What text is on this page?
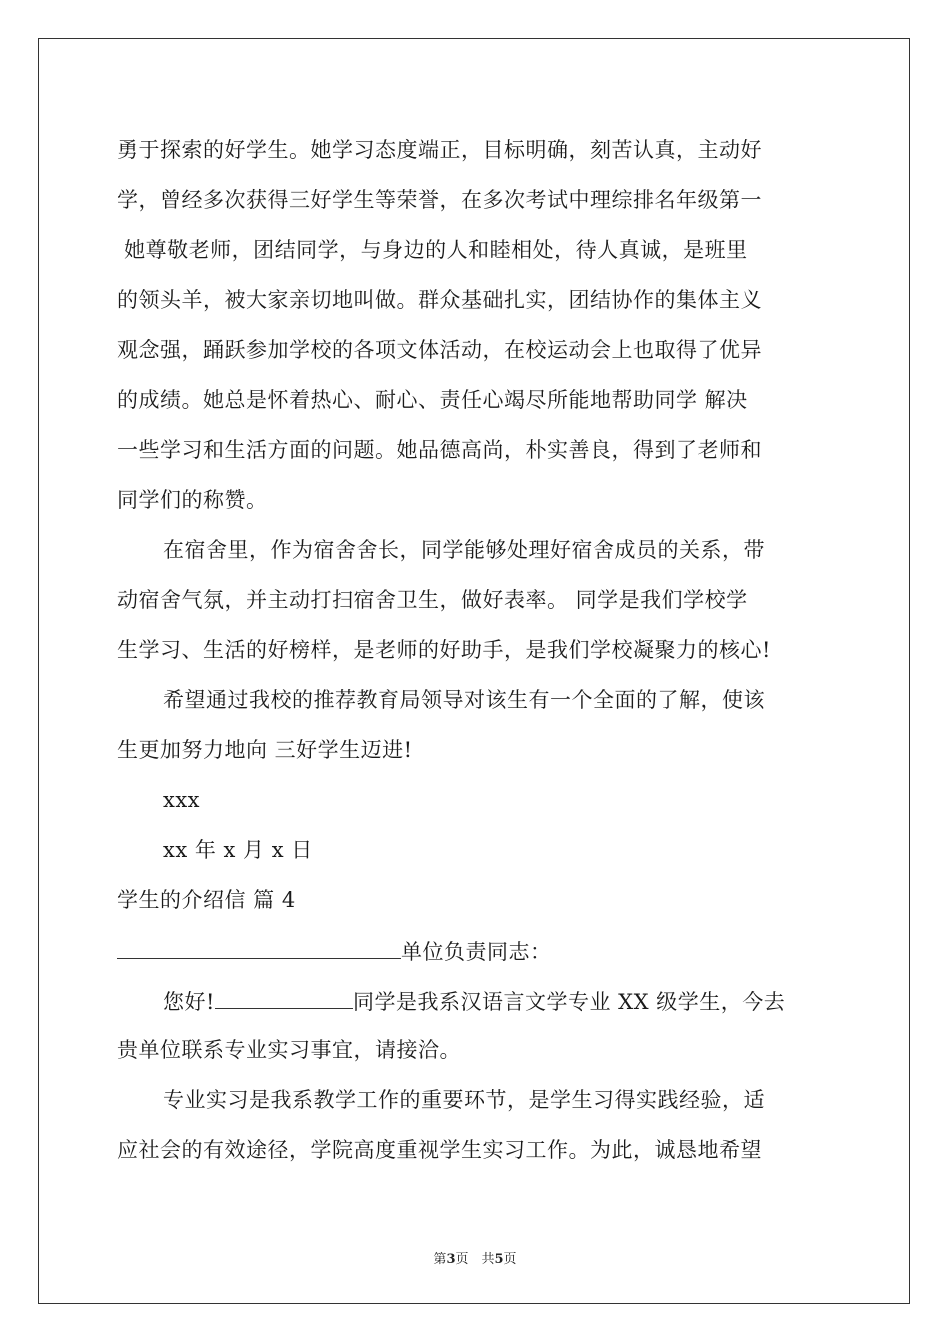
勇于探索的好学生。她学习态度端正，目标明确，刻苦认真，主动好
学，曾经多次获得三好学生等荣誉，在多次考试中理综排名年级第一
她尊敬老师，团结同学，与身边的人和睦相处，待人真诚，是班里
的领头羊，被大家亲切地叫做。群众基础扎实，团结协作的集体主义
观念强，踊跃参加学校的各项文体活动，在校运动会上也取得了优异
的成绩。她总是怀着热心、耐心、责任心竭尽所能地帮助同学 解决
一些学习和生活方面的问题。她品德高尚，朴实善良，得到了老师和
同学们的称赞。
在宿舍里，作为宿舍舍长，同学能够处理好宿舍成员的关系，带
动宿舍气氛，并主动打扫宿舍卫生，做好表率。 同学是我们学校学
生学习、生活的好榜样，是老师的好助手，是我们学校凝聚力的核心!
希望通过我校的推荐教育局领导对该生有一个全面的了解，使该
生更加努力地向 三好学生迈进!
xxx
xx 年 x 月 x 日
学生的介绍信 篇 4
单位负责同志：
您好!	同学是我系汉语言文学专业 XX 级学生，今去
贵单位联系专业实习事宜，请接洽。
专业实习是我系教学工作的重要环节，是学生习得实践经验，适
应社会的有效途径，学院高度重视学生实习工作。为此，诚恳地希望
第3页　共5页
